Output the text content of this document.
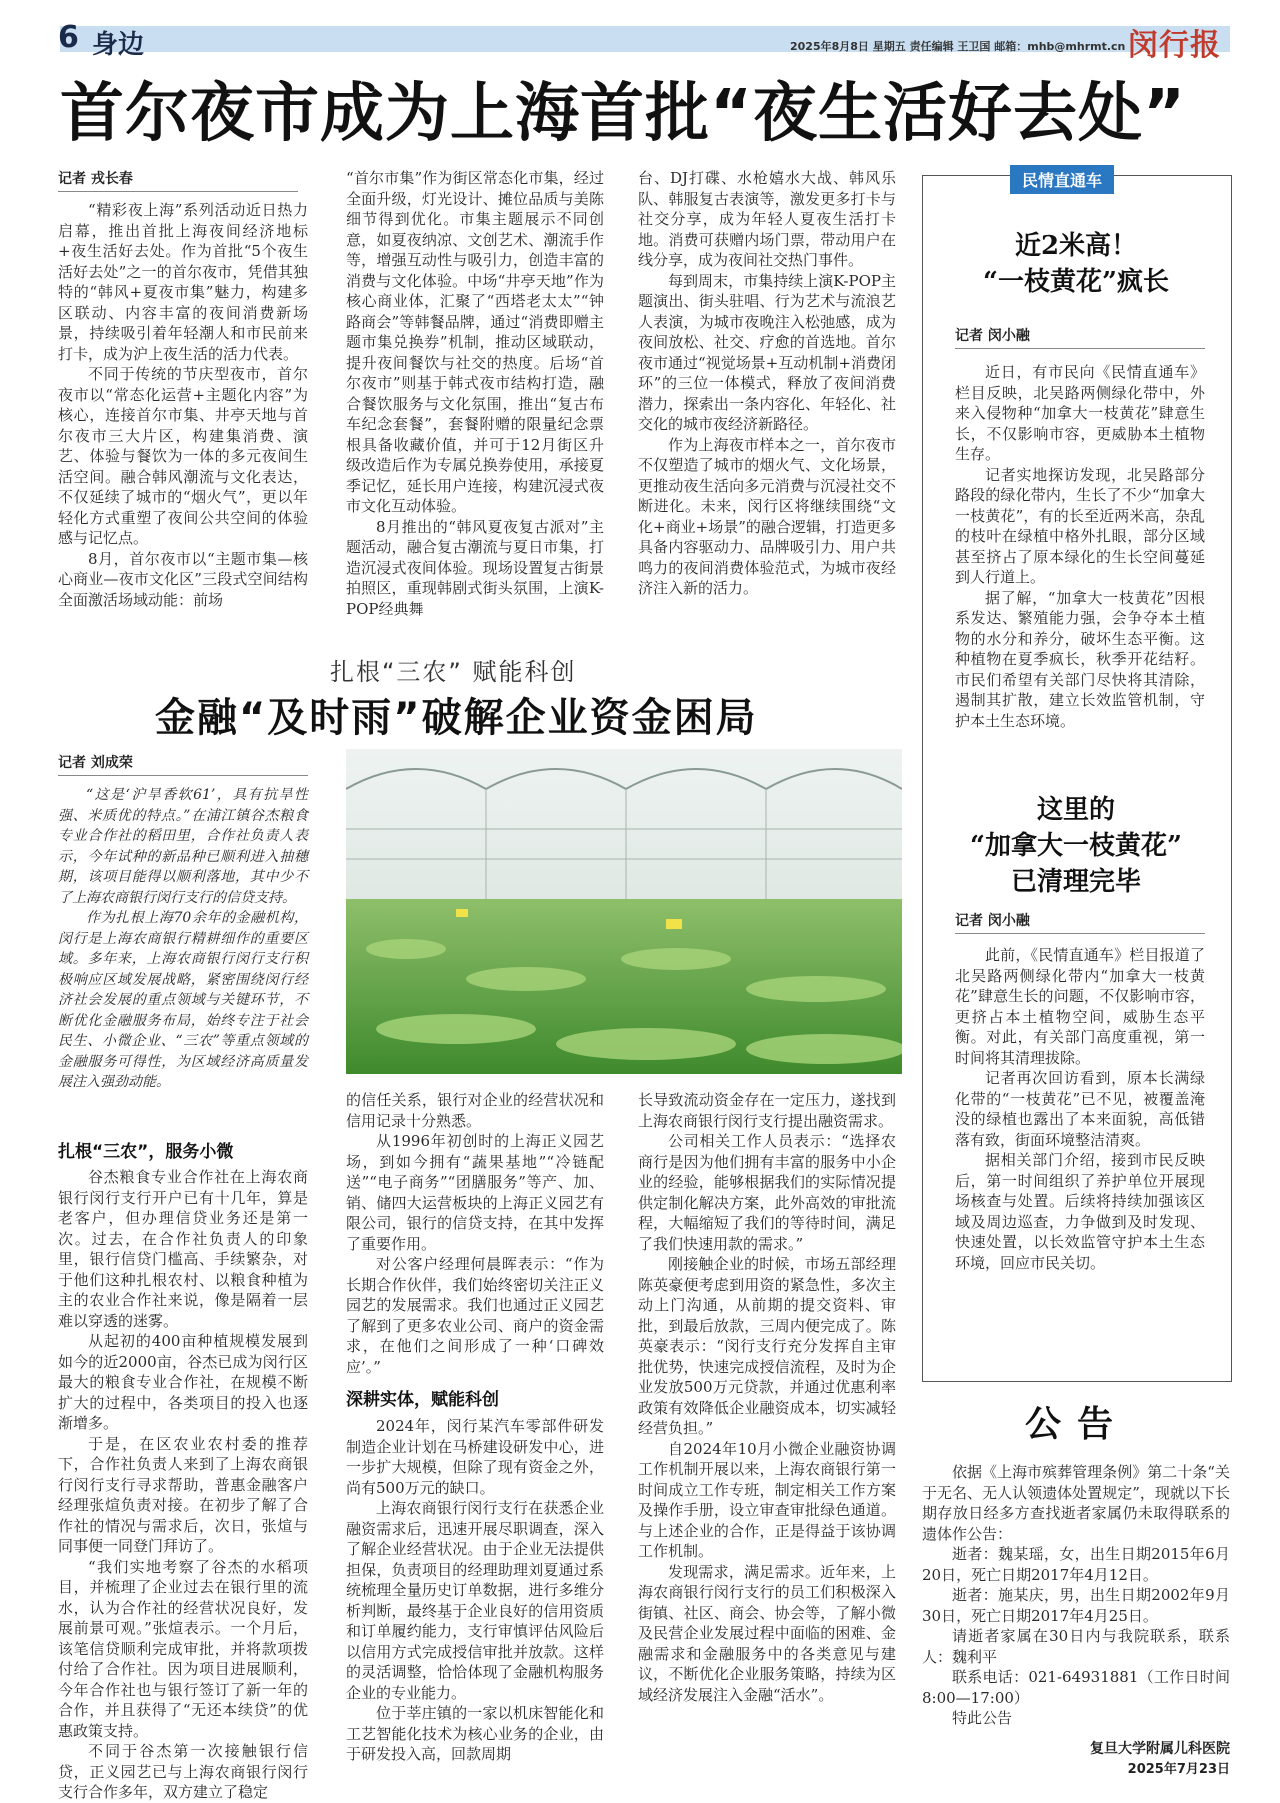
6 身边	2025年8月8日 星期五 责任编辑 王卫国 邮箱：mhb@mhrmt.cn 闵行报
首尔夜市成为上海首批“夜生活好去处”
记者 戎长春

“精彩夜上海”系列活动近日热力启幕，推出首批上海夜间经济地标+夜生活好去处。作为首批“5个夜生活好去处”之一的首尔夜市，凭借其独特的“韩风+夏夜市集”魅力，构建多区联动、内容丰富的夜间消费新场景，持续吸引着年轻潮人和市民前来打卡，成为沪上夜生活的活力代表。

不同于传统的节庆型夜市，首尔夜市以“常态化运营+主题化内容”为核心，连接首尔市集、井亭天地与首尔夜市三大片区，构建集消费、演艺、体验与餐饮为一体的多元夜间生活空间。融合韩风潮流与文化表达，不仅延续了城市的“烟火气”，更以年轻化方式重塑了夜间公共空间的体验感与记忆点。

8月，首尔夜市以“主题市集—核心商业—夜市文化区”三段式空间结构全面激活场域动能：前场

“首尔市集”作为街区常态化市集，经过全面升级，灯光设计、摊位品质与美陈细节得到优化。市集主题展示不同创意，如夏夜纳凉、文创艺术、潮流手作等，增强互动性与吸引力，创造丰富的消费与文化体验。中场“井亭天地”作为核心商业体，汇聚了“西塔老太太”“钟路商会”等韩餐品牌，通过“消费即赠主题市集兑换券”机制，推动区域联动，提升夜间餐饮与社交的热度。后场“首尔夜市”则基于韩式夜市结构打造，融合餐饮服务与文化氛围，推出“复古布车纪念套餐”，套餐附赠的限量纪念票根具备收藏价值，并可于12月街区升级改造后作为专属兑换券使用，承接夏季记忆，延长用户连接，构建沉浸式夜市文化互动体验。

8月推出的“韩风夏夜复古派对”主题活动，融合复古潮流与夏日市集，打造沉浸式夜间体验。现场设置复古街景拍照区，重现韩剧式街头氛围，上演K-POP经典舞

台、DJ打碟、水枪嬉水大战、韩风乐队、韩服复古表演等，激发更多打卡与社交分享，成为年轻人夏夜生活打卡地。消费可获赠内场门票，带动用户在线分享，成为夜间社交热门事件。

每到周末，市集持续上演K-POP主题演出、街头驻唱、行为艺术与流浪艺人表演，为城市夜晚注入松弛感，成为夜间放松、社交、疗愈的首选地。首尔夜市通过“视觉场景+互动机制+消费闭环”的三位一体模式，释放了夜间消费潜力，探索出一条内容化、年轻化、社交化的城市夜经济新路径。

作为上海夜市样本之一，首尔夜市不仅塑造了城市的烟火气、文化场景，更推动夜生活向多元消费与沉浸社交不断进化。未来，闵行区将继续围绕“文化+商业+场景”的融合逻辑，打造更多具备内容驱动力、品牌吸引力、用户共鸣力的夜间消费体验范式，为城市夜经济注入新的活力。

扎根“三农” 赋能科创
金融“及时雨”破解企业资金困局
记者 刘成荣

“这是‘沪旱香软61’，具有抗旱性强、米质优的特点。”在浦江镇谷杰粮食专业合作社的稻田里，合作社负责人表示，今年试种的新品种已顺利进入抽穗期，该项目能得以顺利落地，其中少不了上海农商银行闵行支行的信贷支持。

作为扎根上海70余年的金融机构，闵行是上海农商银行精耕细作的重要区域。多年来，上海农商银行闵行支行积极响应区域发展战略，紧密围绕闵行经济社会发展的重点领域与关键环节，不断优化金融服务布局，始终专注于社会民生、小微企业、“三农”等重点领域的金融服务可得性，为区域经济高质量发展注入强劲动能。

扎根“三农”，服务小微

谷杰粮食专业合作社在上海农商银行闵行支行开户已有十几年，算是老客户，但办理信贷业务还是第一次。过去，在合作社负责人的印象里，银行信贷门槛高、手续繁杂，对于他们这种扎根农村、以粮食种植为主的农业合作社来说，像是隔着一层难以穿透的迷雾。

从起初的400亩种植规模发展到如今的近2000亩，谷杰已成为闵行区最大的粮食专业合作社，在规模不断扩大的过程中，各类项目的投入也逐渐增多。

于是，在区农业农村委的推荐下，合作社负责人来到了上海农商银行闵行支行寻求帮助，普惠金融客户经理张煊负责对接。在初步了解了合作社的情况与需求后，次日，张煊与同事便一同登门拜访了。

“我们实地考察了谷杰的水稻项目，并梳理了企业过去在银行里的流水，认为合作社的经营状况良好，发展前景可观。”张煊表示。一个月后，该笔信贷顺利完成审批，并将款项拨付给了合作社。因为项目进展顺利，今年合作社也与银行签订了新一年的合作，并且获得了“无还本续贷”的优惠政策支持。

不同于谷杰第一次接触银行信贷，正义园艺已与上海农商银行闵行支行合作多年，双方建立了稳定

的信任关系，银行对企业的经营状况和信用记录十分熟悉。

从1996年初创时的上海正义园艺场，到如今拥有“蔬果基地”“冷链配送”“电子商务”“团膳服务”等产、加、销、储四大运营板块的上海正义园艺有限公司，银行的信贷支持，在其中发挥了重要作用。

对公客户经理何晨晖表示：“作为长期合作伙伴，我们始终密切关注正义园艺的发展需求。我们也通过正义园艺了解到了更多农业公司、商户的资金需求，在他们之间形成了一种‘口碑效应’。”

深耕实体，赋能科创

2024年，闵行某汽车零部件研发制造企业计划在马桥建设研发中心，进一步扩大规模，但除了现有资金之外，尚有500万元的缺口。

上海农商银行闵行支行在获悉企业融资需求后，迅速开展尽职调查，深入了解企业经营状况。由于企业无法提供担保，负责项目的经理助理刘夏通过系统梳理全量历史订单数据，进行多维分析判断，最终基于企业良好的信用资质和订单履约能力，支行审慎评估风险后以信用方式完成授信审批并放款。这样的灵活调整，恰恰体现了金融机构服务企业的专业能力。

位于莘庄镇的一家以机床智能化和工艺智能化技术为核心业务的企业，由于研发投入高，回款周期

长导致流动资金存在一定压力，遂找到上海农商银行闵行支行提出融资需求。

公司相关工作人员表示：“选择农商行是因为他们拥有丰富的服务中小企业的经验，能够根据我们的实际情况提供定制化解决方案，此外高效的审批流程，大幅缩短了我们的等待时间，满足了我们快速用款的需求。”

刚接触企业的时候，市场五部经理陈英豪便考虑到用资的紧急性，多次主动上门沟通，从前期的提交资料、审批，到最后放款，三周内便完成了。陈英豪表示：“闵行支行充分发挥自主审批优势，快速完成授信流程，及时为企业发放500万元贷款，并通过优惠利率政策有效降低企业融资成本，切实减轻经营负担。”

自2024年10月小微企业融资协调工作机制开展以来，上海农商银行第一时间成立工作专班，制定相关工作方案及操作手册，设立审查审批绿色通道。与上述企业的合作，正是得益于该协调工作机制。

发现需求，满足需求。近年来，上海农商银行闵行支行的员工们积极深入街镇、社区、商会、协会等，了解小微及民营企业发展过程中面临的困难、金融需求和金融服务中的各类意见与建议，不断优化企业服务策略，持续为区域经济发展注入金融“活水”。

民情直通车
近2米高！
“一枝黄花”疯长
记者 闵小融

近日，有市民向《民情直通车》栏目反映，北吴路两侧绿化带中，外来入侵物种“加拿大一枝黄花”肆意生长，不仅影响市容，更威胁本土植物生存。

记者实地探访发现，北吴路部分路段的绿化带内，生长了不少“加拿大一枝黄花”，有的长至近两米高，杂乱的枝叶在绿植中格外扎眼，部分区域甚至挤占了原本绿化的生长空间蔓延到人行道上。

据了解，“加拿大一枝黄花”因根系发达、繁殖能力强，会争夺本土植物的水分和养分，破坏生态平衡。这种植物在夏季疯长，秋季开花结籽。市民们希望有关部门尽快将其清除，遏制其扩散，建立长效监管机制，守护本土生态环境。

这里的
“加拿大一枝黄花”
已清理完毕
记者 闵小融

此前，《民情直通车》栏目报道了北吴路两侧绿化带内“加拿大一枝黄花”肆意生长的问题，不仅影响市容，更挤占本土植物空间，威胁生态平衡。对此，有关部门高度重视，第一时间将其清理拔除。

记者再次回访看到，原本长满绿化带的“一枝黄花”已不见，被覆盖淹没的绿植也露出了本来面貌，高低错落有致，街面环境整洁清爽。

据相关部门介绍，接到市民反映后，第一时间组织了养护单位开展现场核查与处置。后续将持续加强该区域及周边巡查，力争做到及时发现、快速处置，以长效监管守护本土生态环境，回应市民关切。

公告

依据《上海市殡葬管理条例》第二十条“关于无名、无人认领遗体处置规定”，现就以下长期存放日经多方查找逝者家属仍未取得联系的遗体作公告：

逝者：魏某瑶，女，出生日期2015年6月20日，死亡日期2017年4月12日。

逝者：施某庆，男，出生日期2002年9月30日，死亡日期2017年4月25日。

请逝者家属在30日内与我院联系，联系人：魏利平

联系电话：021-64931881（工作日时间8:00—17:00）

特此公告

复旦大学附属儿科医院
2025年7月23日
